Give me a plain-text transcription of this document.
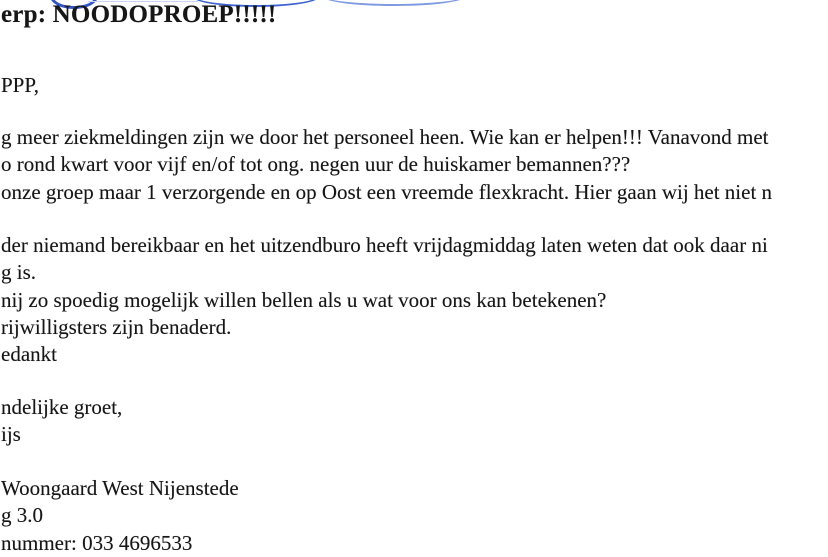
erp: NOODOPROEP!!!!!
PPP,
g meer ziekmeldingen zijn we door het personeel heen. Wie kan er helpen!!! Vanavond met
o rond kwart voor vijf en/of tot ong. negen uur de huiskamer bemannen???
onze groep maar 1 verzorgende en op Oost een vreemde flexkracht. Hier gaan wij het niet n
der niemand bereikbaar en het uitzendburo heeft vrijdagmiddag laten weten dat ook daar ni
g is.
nij zo spoedig mogelijk willen bellen als u wat voor ons kan betekenen?
rijwilligsters zijn benaderd.
edankt
ndelijke groet,
ijs
Woongaard West Nijenstede
g 3.0
nummer: 033 4696533
